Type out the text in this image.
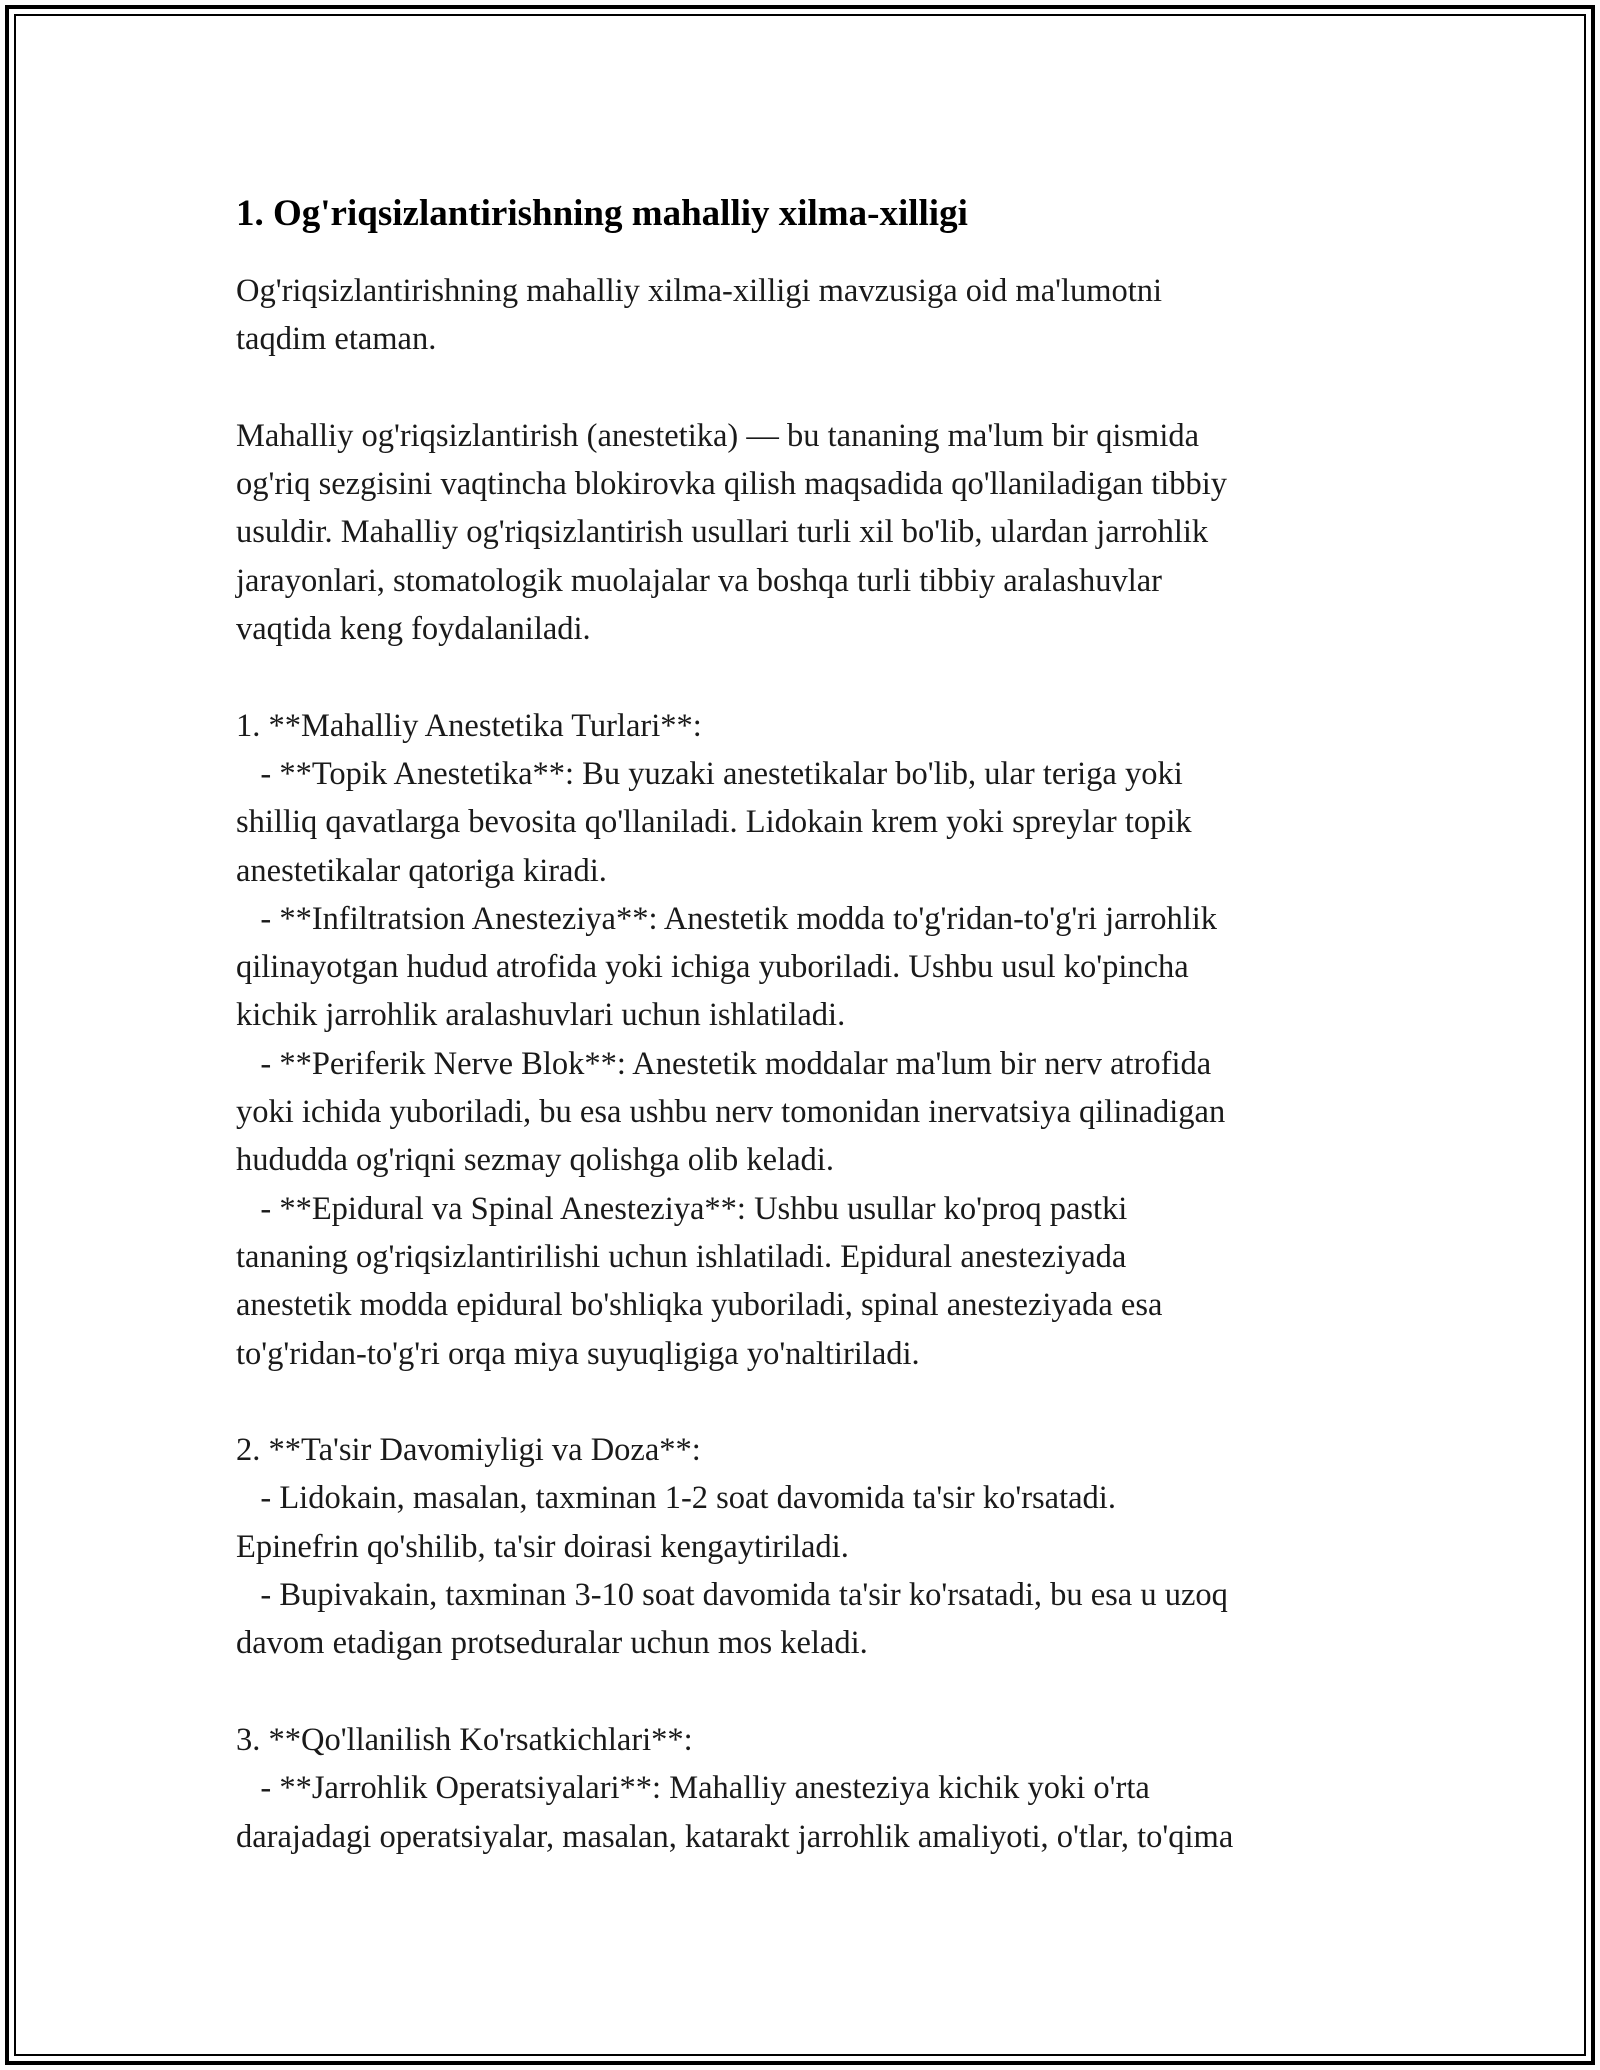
1. Og'riqsizlantirishning mahalliy xilma-xilligi

Og'riqsizlantirishning mahalliy xilma-xilligi mavzusiga oid ma'lumotni
taqdim etaman.

Mahalliy og'riqsizlantirish (anestetika) — bu tananing ma'lum bir qismida
og'riq sezgisini vaqtincha blokirovka qilish maqsadida qo'llaniladigan tibbiy
usuldir. Mahalliy og'riqsizlantirish usullari turli xil bo'lib, ulardan jarrohlik
jarayonlari, stomatologik muolajalar va boshqa turli tibbiy aralashuvlar
vaqtida keng foydalaniladi.

1. **Mahalliy Anestetika Turlari**:
- **Topik Anestetika**: Bu yuzaki anestetikalar bo'lib, ular teriga yoki
shilliq qavatlarga bevosita qo'llaniladi. Lidokain krem yoki spreylar topik
anestetikalar qatoriga kiradi.
- **Infiltratsion Anesteziya**: Anestetik modda to'g'ridan-to'g'ri jarrohlik
qilinayotgan hudud atrofida yoki ichiga yuboriladi. Ushbu usul ko'pincha
kichik jarrohlik aralashuvlari uchun ishlatiladi.
- **Periferik Nerve Blok**: Anestetik moddalar ma'lum bir nerv atrofida
yoki ichida yuboriladi, bu esa ushbu nerv tomonidan inervatsiya qilinadigan
hududda og'riqni sezmay qolishga olib keladi.
- **Epidural va Spinal Anesteziya**: Ushbu usullar ko'proq pastki
tananing og'riqsizlantirilishi uchun ishlatiladi. Epidural anesteziyada
anestetik modda epidural bo'shliqka yuboriladi, spinal anesteziyada esa
to'g'ridan-to'g'ri orqa miya suyuqligiga yo'naltiriladi.

2. **Ta'sir Davomiyligi va Doza**:
- Lidokain, masalan, taxminan 1-2 soat davomida ta'sir ko'rsatadi.
Epinefrin qo'shilib, ta'sir doirasi kengaytiriladi.
- Bupivakain, taxminan 3-10 soat davomida ta'sir ko'rsatadi, bu esa u uzoq
davom etadigan protseduralar uchun mos keladi.

3. **Qo'llanilish Ko'rsatkichlari**:
- **Jarrohlik Operatsiyalari**: Mahalliy anesteziya kichik yoki o'rta
darajadagi operatsiyalar, masalan, katarakt jarrohlik amaliyoti, o'tlar, to'qima
